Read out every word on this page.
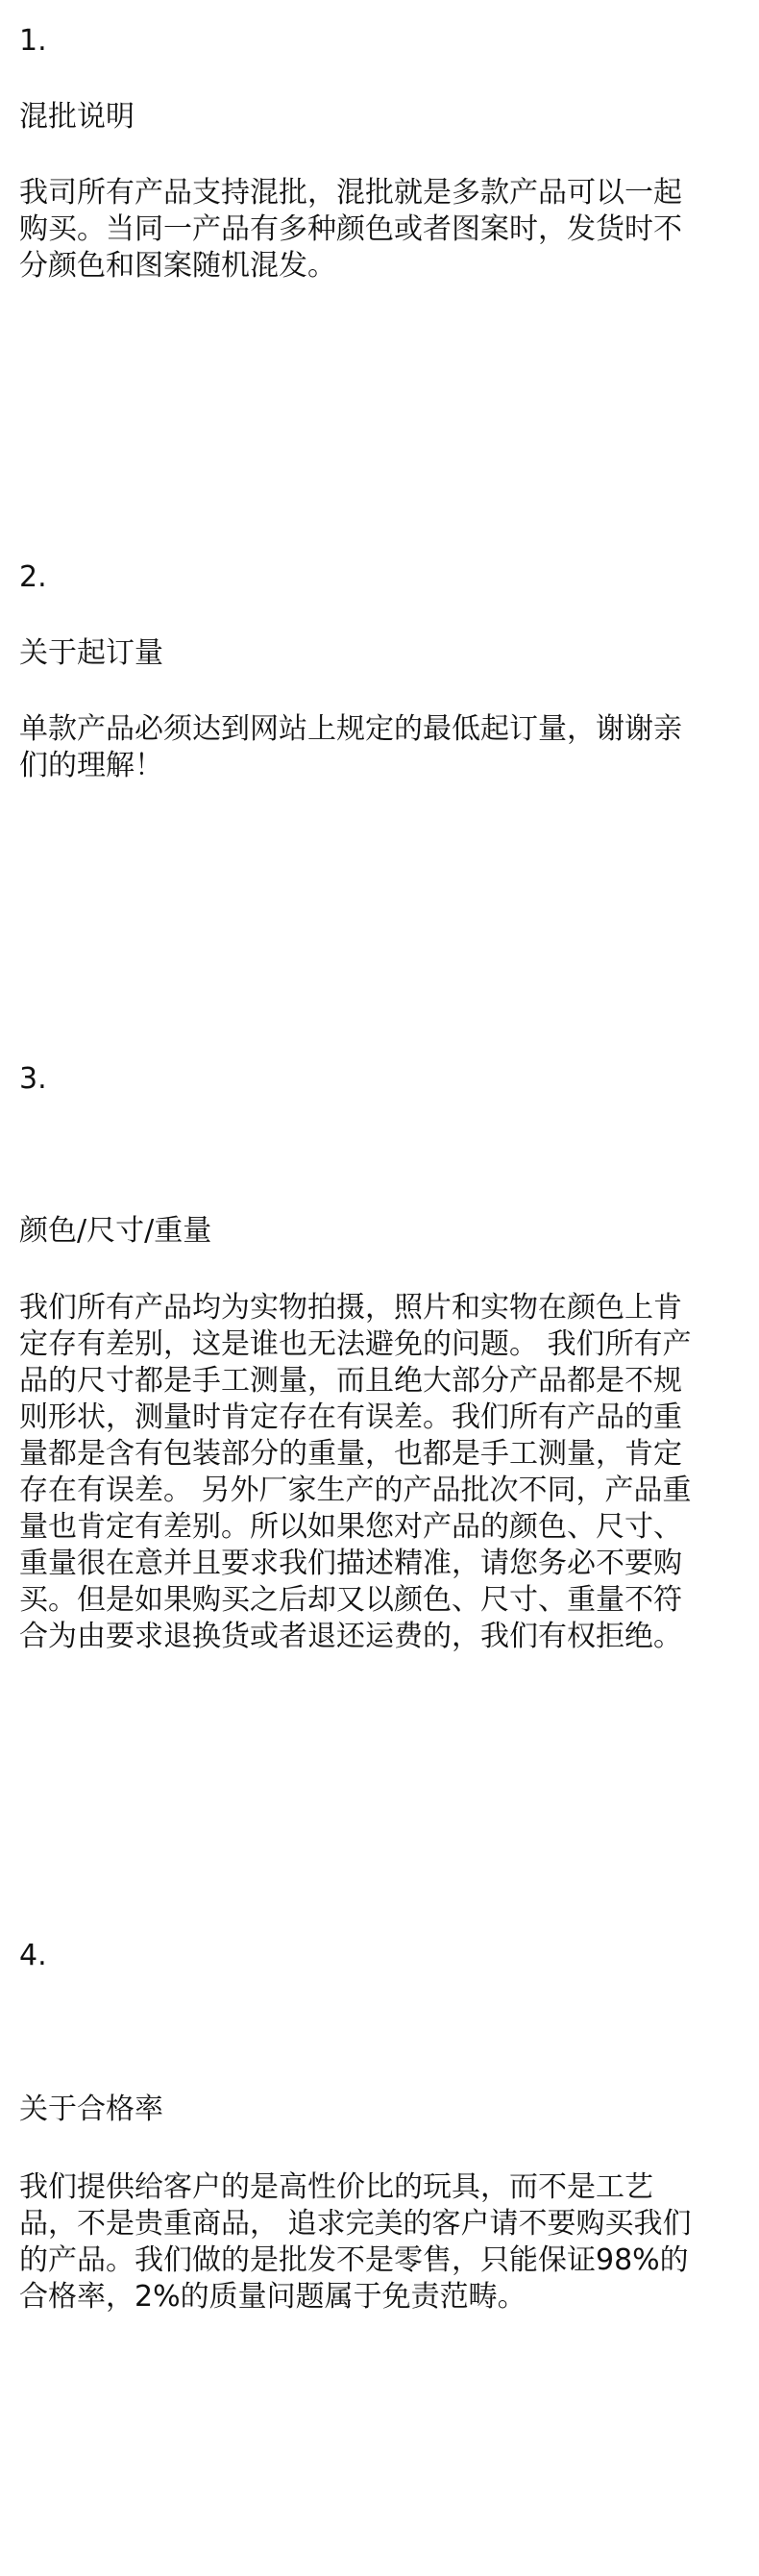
1.

混批说明

我司所有产品支持混批，混批就是多款产品可以一起
购买。当同一产品有多种颜色或者图案时，发货时不
分颜色和图案随机混发。

2.

关于起订量

单款产品必须达到网站上规定的最低起订量，谢谢亲
们的理解！

3.

颜色/尺寸/重量

我们所有产品均为实物拍摄，照片和实物在颜色上肯
定存有差别，这是谁也无法避免的问题。 我们所有产
品的尺寸都是手工测量，而且绝大部分产品都是不规
则形状，测量时肯定存在有误差。我们所有产品的重
量都是含有包装部分的重量，也都是手工测量，肯定
存在有误差。 另外厂家生产的产品批次不同，产品重
量也肯定有差别。所以如果您对产品的颜色、尺寸、
重量很在意并且要求我们描述精准，请您务必不要购
买。但是如果购买之后却又以颜色、尺寸、重量不符
合为由要求退换货或者退还运费的，我们有权拒绝。

4.

关于合格率

我们提供给客户的是高性价比的玩具，而不是工艺
品，不是贵重商品， 追求完美的客户请不要购买我们
的产品。我们做的是批发不是零售，只能保证98%的
合格率，2%的质量问题属于免责范畴。
